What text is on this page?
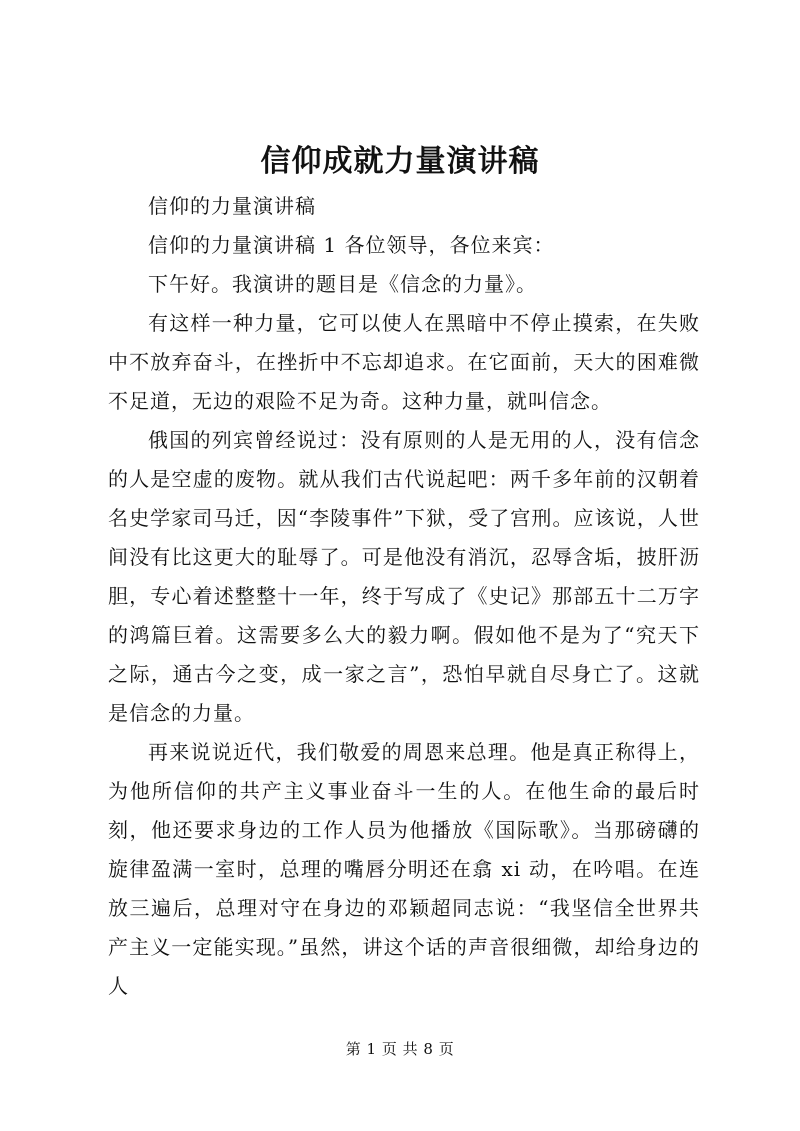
信仰成就力量演讲稿

信仰的力量演讲稿

信仰的力量演讲稿 1 各位领导，各位来宾：

下午好。我演讲的题目是《信念的力量》。

有这样一种力量，它可以使人在黑暗中不停止摸索，在失败中不放弃奋斗，在挫折中不忘却追求。在它面前，天大的困难微不足道，无边的艰险不足为奇。这种力量，就叫信念。

俄国的列宾曾经说过：没有原则的人是无用的人，没有信念的人是空虚的废物。就从我们古代说起吧：两千多年前的汉朝着名史学家司马迁，因“李陵事件”下狱，受了宫刑。应该说，人世间没有比这更大的耻辱了。可是他没有消沉，忍辱含垢，披肝沥胆，专心着述整整十一年，终于写成了《史记》那部五十二万字的鸿篇巨着。这需要多么大的毅力啊。假如他不是为了“究天下之际，通古今之变，成一家之言”，恐怕早就自尽身亡了。这就是信念的力量。

再来说说近代，我们敬爱的周恩来总理。他是真正称得上，为他所信仰的共产主义事业奋斗一生的人。在他生命的最后时刻，他还要求身边的工作人员为他播放《国际歌》。当那磅礴的旋律盈满一室时，总理的嘴唇分明还在翕 xi 动，在吟唱。在连放三遍后，总理对守在身边的邓颖超同志说：“我坚信全世界共产主义一定能实现。”虽然，讲这个话的声音很细微，却给身边的人

第 1 页 共 8 页
